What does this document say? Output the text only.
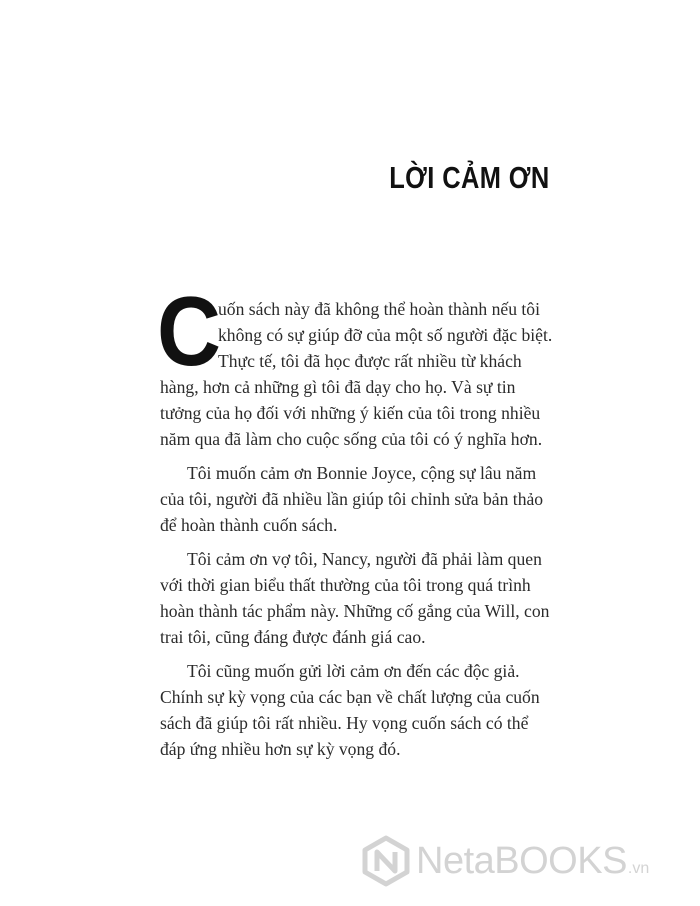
LỜI CẢM ƠN
C
uốn sách này đã không thể hoàn thành nếu tôi
không có sự giúp đỡ của một số người đặc biệt.
Thực tế, tôi đã học được rất nhiều từ khách
hàng, hơn cả những gì tôi đã dạy cho họ. Và sự tin
tưởng của họ đối với những ý kiến của tôi trong nhiều
năm qua đã làm cho cuộc sống của tôi có ý nghĩa hơn.
Tôi muốn cảm ơn Bonnie Joyce, cộng sự lâu năm
của tôi, người đã nhiều lần giúp tôi chỉnh sửa bản thảo
để hoàn thành cuốn sách.
Tôi cảm ơn vợ tôi, Nancy, người đã phải làm quen
với thời gian biểu thất thường của tôi trong quá trình
hoàn thành tác phẩm này. Những cố gắng của Will, con
trai tôi, cũng đáng được đánh giá cao.
Tôi cũng muốn gửi lời cảm ơn đến các độc giả.
Chính sự kỳ vọng của các bạn về chất lượng của cuốn
sách đã giúp tôi rất nhiều. Hy vọng cuốn sách có thể
đáp ứng nhiều hơn sự kỳ vọng đó.
NetaBOOKS .vn
